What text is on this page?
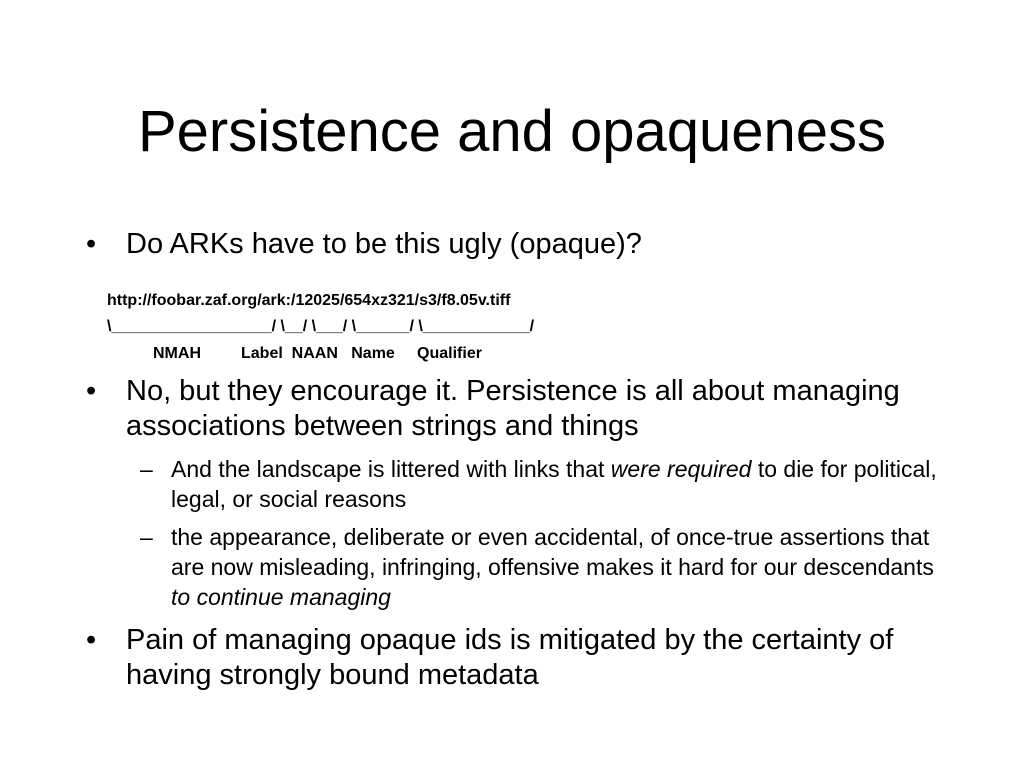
Persistence and opaqueness
• Do ARKs have to be this ugly (opaque)?
http://foobar.zaf.org/ark:/12025/654xz321/s3/f8.05v.tiff
\__________________/ \__/ \___/ \______/ \____________/
NMAH         Label  NAAN   Name     Qualifier
• No, but they encourage it. Persistence is all about managing associations between strings and things
– And the landscape is littered with links that were required to die for political, legal, or social reasons
– the appearance, deliberate or even accidental, of once-true assertions that are now misleading, infringing, offensive makes it hard for our descendants to continue managing
• Pain of managing opaque ids is mitigated by the certainty of having strongly bound metadata
